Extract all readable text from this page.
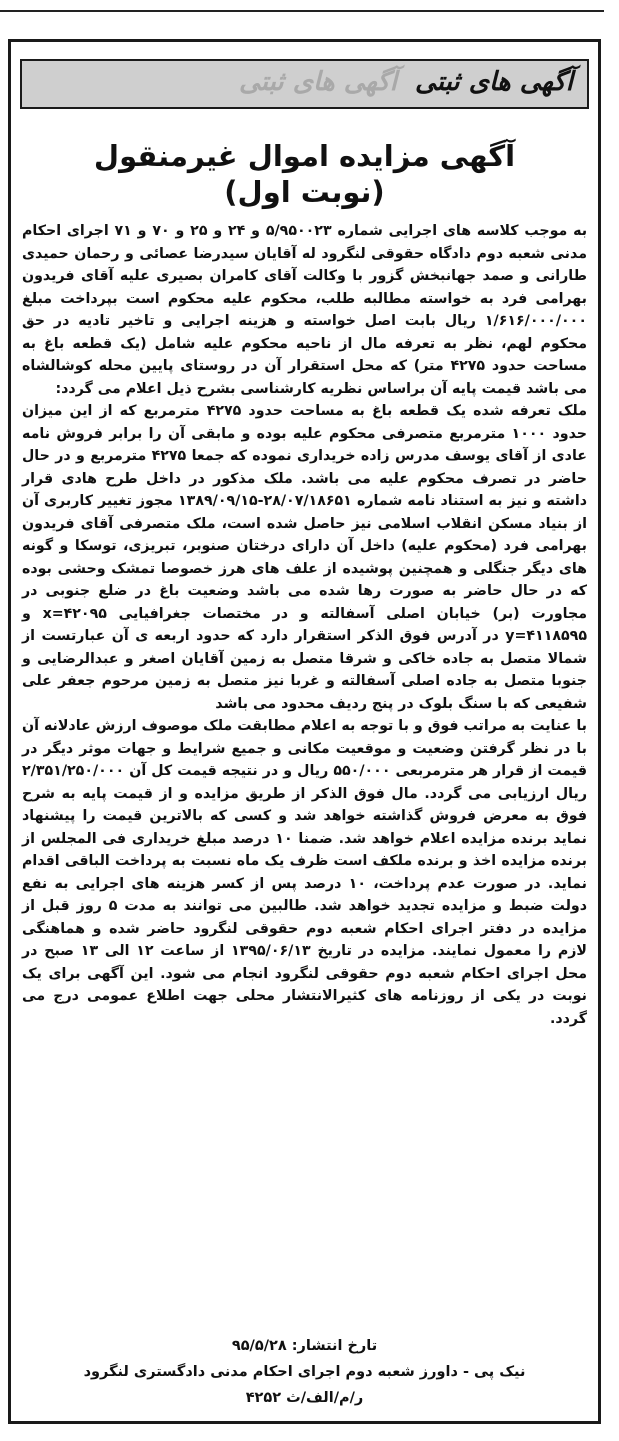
آگهی های ثبتی
آگهی های ثبتی
آگهی مزایده اموال غیرمنقول
(نوبت اول)

به موجب کلاسه های اجرایی شماره ۵/۹۵۰۰۲۳ و ۲۴ و ۲۵ و ۷۰ و ۷۱ اجرای احکام مدنی شعبه دوم دادگاه حقوقی لنگرود له آقایان سیدرضا عصائی و رحمان حمیدی طارانی و صمد جهانبخش گزور با وکالت آقای کامران بصیری علیه آقای فریدون بهرامی فرد به خواسته مطالبه طلب، محکوم علیه محکوم است بپرداخت مبلغ ۱/۶۱۶/۰۰۰/۰۰۰ ریال بابت اصل خواسته و هزینه اجرایی و تاخیر تادیه در حق محکوم لهم، نظر به تعرفه مال از ناحیه محکوم علیه شامل (یک قطعه باغ به مساحت حدود ۴۲۷۵ متر) که محل استقرار آن در روستای پایین محله کوشالشاه می باشد قیمت پایه آن براساس نظریه کارشناسی بشرح ذیل اعلام می گردد:

ملک تعرفه شده یک قطعه باغ به مساحت حدود ۴۲۷۵ مترمربع که از این میزان حدود ۱۰۰۰ مترمربع متصرفی محکوم علیه بوده و مابقی آن را برابر فروش نامه عادی از آقای یوسف مدرس زاده خریداری نموده که جمعا ۴۲۷۵ مترمربع و در حال حاضر در تصرف محکوم علیه می باشد. ملک مذکور در داخل طرح هادی قرار داشته و نیز به استناد نامه شماره ۲۸/۰۷/۱۸۶۵۱-۱۳۸۹/۰۹/۱۵ مجوز تغییر کاربری آن از بنیاد مسکن انقلاب اسلامی نیز حاصل شده است، ملک متصرفی آقای فریدون بهرامی فرد (محکوم علیه) داخل آن دارای درختان صنوبر، تبریزی، توسکا و گونه های دیگر جنگلی و همچنین پوشیده از علف های هرز خصوصا تمشک وحشی بوده که در حال حاضر به صورت رها شده می باشد وضعیت باغ در ضلع جنوبی در مجاورت (بر) خیابان اصلی آسفالته و در مختصات جغرافیایی x=۴۲۰۹۵ و y=۴۱۱۸۵۹۵ در آدرس فوق الذکر استقرار دارد که حدود اربعه ی آن عبارتست از شمالا متصل به جاده خاکی و شرقا متصل به زمین آقایان اصغر و عبدالرضایی و جنوبا متصل به جاده اصلی آسفالته و غربا نیز متصل به زمین مرحوم جعفر علی شفیعی که با سنگ بلوک در پنج ردیف محدود می باشد

با عنایت به مراتب فوق و با توجه به اعلام مطابقت ملک موصوف ارزش عادلانه آن با در نظر گرفتن وضعیت و موقعیت مکانی و جمیع شرایط و جهات موثر دیگر در قیمت از قرار هر مترمربعی ۵۵۰/۰۰۰ ریال و در نتیجه قیمت کل آن ۲/۳۵۱/۲۵۰/۰۰۰ ریال ارزیابی می گردد. مال فوق الذکر از طریق مزایده و از قیمت پایه به شرح فوق به معرض فروش گذاشته خواهد شد و کسی که بالاترین قیمت را پیشنهاد نماید برنده مزایده اعلام خواهد شد. ضمنا ۱۰ درصد مبلغ خریداری فی المجلس از برنده مزایده اخذ و برنده ملکف است ظرف یک ماه نسبت به پرداخت الباقی اقدام نماید. در صورت عدم پرداخت، ۱۰ درصد پس از کسر هزینه های اجرایی به نفع دولت ضبط و مزایده تجدید خواهد شد. طالبین می توانند به مدت ۵ روز قبل از مزایده در دفتر اجرای احکام شعبه دوم حقوقی لنگرود حاضر شده و هماهنگی لازم را معمول نمایند. مزایده در تاریخ ۱۳۹۵/۰۶/۱۳ از ساعت ۱۲ الی ۱۳ صبح در محل اجرای احکام شعبه دوم حقوقی لنگرود انجام می شود. این آگهی برای یک نوبت در یکی از روزنامه های کثیرالانتشار محلی جهت اطلاع عمومی درج می گردد.

تارخ انتشار: ۹۵/۵/۲۸
نیک پی - داورز شعبه دوم اجرای احکام مدنی دادگستری لنگرود
ر/م/الف/ث ۴۲۵۲
